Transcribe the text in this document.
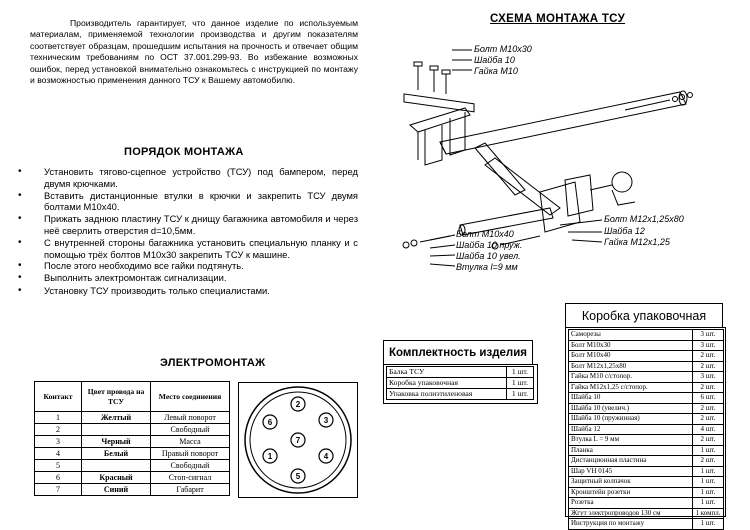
Производитель гарантирует, что данное изделие по используемым материалам, применяемой технологии производства и другим показателям соответствует образцам, прошедшим испытания на прочность и отвечает общим техническим требованиям по ОСТ 37.001.299-93. Во избежание возможных ошибок, перед установкой внимательно ознакомьтесь с инструкцией по монтажу и возможностью применения данного ТСУ к Вашему автомобилю.
СХЕМА МОНТАЖА ТСУ
Болт М10х30
Шайба 10
Гайка М10
Болт М12х1,25х80
Шайба 12
Гайка М12х1,25
Болт М10х40
Шайба 10 пруж.
Шайба 10 увел.
Втулка l=9 мм
ПОРЯДОК МОНТАЖА
• Установить тягово-сцепное устройство (ТСУ) под бампером, перед двумя крючками.
• Вставить дистанционные втулки в крючки и закрепить ТСУ двумя болтами М10х40.
• Прижать заднюю пластину ТСУ к днищу багажника автомобиля и через неё сверлить отверстия d=10,5мм.
• С внутренней стороны багажника установить специальную планку и с помощью трёх болтов М10х30 закрепить ТСУ к машине.
• После этого необходимо все гайки подтянуть.
• Выполнить электромонтаж сигнализации.
• Установку ТСУ производить только специалистами.
ЭЛЕКТРОМОНТАЖ
Контакт	Цвет провода на ТСУ	Место соединения
1	Желтый	Левый поворот
2		Свободный
3	Черный	Масса
4	Белый	Правый поворот
5		Свободный
6	Красный	Стоп-сигнал
7	Синий	Габарит
2
3
4
5
1
6
7
Комплектность изделия
Балка ТСУ	1 шт.
Коробка упаковочная	1 шт.
Упаковка полиэтиленовая	1 шт.
Коробка упаковочная
Саморезы	3 шт.
Болт М10х30	3 шт.
Болт М10х40	2 шт.
Болт М12х1,25х80	2 шт.
Гайка М10 с/стопор.	3 шт.
Гайка М12х1,25 с/стопор.	2 шт.
Шайба 10	6 шт.
Шайба 10 (увелич.)	2 шт.
Шайба 10 (пружинная)	2 шт.
Шайба 12	4 шт.
Втулка L = 9 мм	2 шт.
Планка	1 шт.
Дистанционная пластина	2 шт.
Шар VH 0145	1 шт.
Защитный колпачок	1 шт.
Кронштейн розетки	1 шт.
Розетка	1 шт.
Жгут электропроводов 130 см	1 компл.
Инструкция по монтажу	1 шт.
